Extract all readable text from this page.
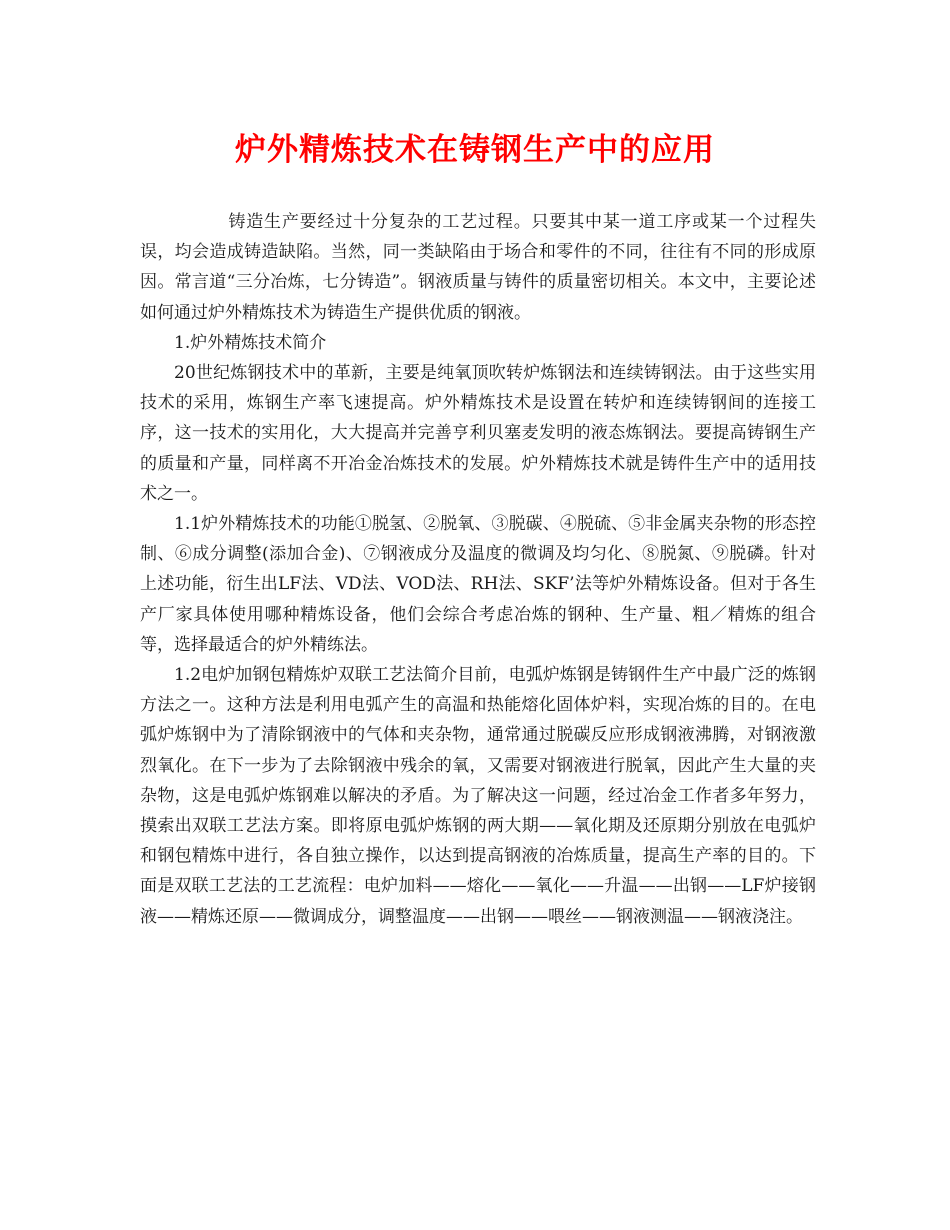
炉外精炼技术在铸钢生产中的应用

铸造生产要经过十分复杂的工艺过程。只要其中某一道工序或某一个过程失误，均会造成铸造缺陷。当然，同一类缺陷由于场合和零件的不同，往往有不同的形成原因。常言道“三分冶炼，七分铸造”。钢液质量与铸件的质量密切相关。本文中，主要论述如何通过炉外精炼技术为铸造生产提供优质的钢液。

1.炉外精炼技术简介

20世纪炼钢技术中的革新，主要是纯氧顶吹转炉炼钢法和连续铸钢法。由于这些实用技术的采用，炼钢生产率飞速提高。炉外精炼技术是设置在转炉和连续铸钢间的连接工序，这一技术的实用化，大大提高并完善亨利贝塞麦发明的液态炼钢法。要提高铸钢生产的质量和产量，同样离不开冶金冶炼技术的发展。炉外精炼技术就是铸件生产中的适用技术之一。

1.1炉外精炼技术的功能①脱氢、②脱氧、③脱碳、④脱硫、⑤非金属夹杂物的形态控制、⑥成分调整(添加合金)、⑦钢液成分及温度的微调及均匀化、⑧脱氮、⑨脱磷。针对上述功能，衍生出LF法、VD法、VOD法、RH法、SKF’法等炉外精炼设备。但对于各生产厂家具体使用哪种精炼设备，他们会综合考虑冶炼的钢种、生产量、粗／精炼的组合等，选择最适合的炉外精练法。

1.2电炉加钢包精炼炉双联工艺法简介目前，电弧炉炼钢是铸钢件生产中最广泛的炼钢方法之一。这种方法是利用电弧产生的高温和热能熔化固体炉料，实现冶炼的目的。在电弧炉炼钢中为了清除钢液中的气体和夹杂物，通常通过脱碳反应形成钢液沸腾，对钢液激烈氧化。在下一步为了去除钢液中残余的氧，又需要对钢液进行脱氧，因此产生大量的夹杂物，这是电弧炉炼钢难以解决的矛盾。为了解决这一问题，经过冶金工作者多年努力，摸索出双联工艺法方案。即将原电弧炉炼钢的两大期——氧化期及还原期分别放在电弧炉和钢包精炼中进行，各自独立操作，以达到提高钢液的冶炼质量，提高生产率的目的。下面是双联工艺法的工艺流程：电炉加料——熔化——氧化——升温——出钢——LF炉接钢液——精炼还原——微调成分，调整温度——出钢——喂丝——钢液测温——钢液浇注。
